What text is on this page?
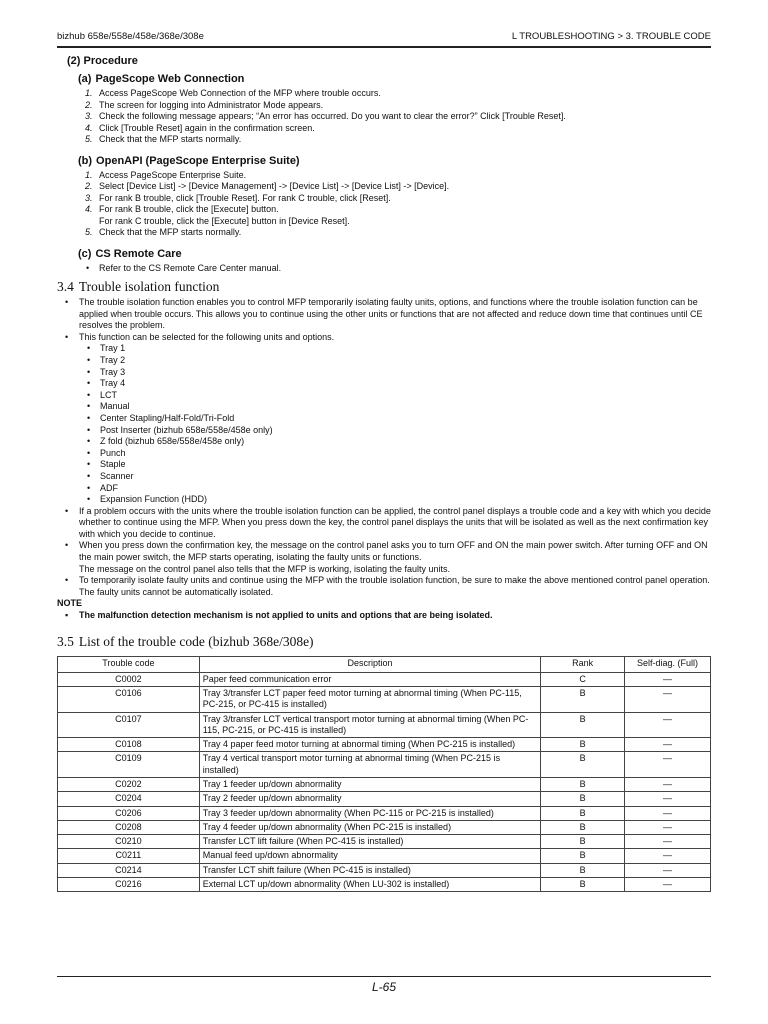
bizhub 658e/558e/458e/368e/308e	L TROUBLESHOOTING > 3. TROUBLE CODE
(2) Procedure
(a) PageScope Web Connection
1. Access PageScope Web Connection of the MFP where trouble occurs.
2. The screen for logging into Administrator Mode appears.
3. Check the following message appears; “An error has occurred. Do you want to clear the error?” Click [Trouble Reset].
4. Click [Trouble Reset] again in the confirmation screen.
5. Check that the MFP starts normally.
(b) OpenAPI (PageScope Enterprise Suite)
1. Access PageScope Enterprise Suite.
2. Select [Device List] -> [Device Management] -> [Device List] -> [Device List] -> [Device].
3. For rank B trouble, click [Trouble Reset]. For rank C trouble, click [Reset].
4. For rank B trouble, click the [Execute] button.
For rank C trouble, click the [Execute] button in [Device Reset].
5. Check that the MFP starts normally.
(c) CS Remote Care
• Refer to the CS Remote Care Center manual.
3.4 Trouble isolation function
• The trouble isolation function enables you to control MFP temporarily isolating faulty units, options, and functions where the trouble isolation function can be applied when trouble occurs. This allows you to continue using the other units or functions that are not affected and reduce down time that continues until CE resolves the problem.
• This function can be selected for the following units and options.
• Tray 1
• Tray 2
• Tray 3
• Tray 4
• LCT
• Manual
• Center Stapling/Half-Fold/Tri-Fold
• Post Inserter (bizhub 658e/558e/458e only)
• Z fold (bizhub 658e/558e/458e only)
• Punch
• Staple
• Scanner
• ADF
• Expansion Function (HDD)
• If a problem occurs with the units where the trouble isolation function can be applied, the control panel displays a trouble code and a key with which you decide whether to continue using the MFP. When you press down the key, the control panel displays the units that will be isolated as well as the next confirmation key with which you decide to continue.
• When you press down the confirmation key, the message on the control panel asks you to turn OFF and ON the main power switch. After turning OFF and ON the main power switch, the MFP starts operating, isolating the faulty units or functions.
The message on the control panel also tells that the MFP is working, isolating the faulty units.
• To temporarily isolate faulty units and continue using the MFP with the trouble isolation function, be sure to make the above mentioned control panel operation. The faulty units cannot be automatically isolated.
NOTE
▪ The malfunction detection mechanism is not applied to units and options that are being isolated.
3.5 List of the trouble code (bizhub 368e/308e)
Trouble code	Description	Rank	Self-diag. (Full)
C0002	Paper feed communication error	C	—
C0106	Tray 3/transfer LCT paper feed motor turning at abnormal timing (When PC-115, PC-215, or PC-415 is installed)	B	—
C0107	Tray 3/transfer LCT vertical transport motor turning at abnormal timing (When PC-115, PC-215, or PC-415 is installed)	B	—
C0108	Tray 4 paper feed motor turning at abnormal timing (When PC-215 is installed)	B	—
C0109	Tray 4 vertical transport motor turning at abnormal timing (When PC-215 is installed)	B	—
C0202	Tray 1 feeder up/down abnormality	B	—
C0204	Tray 2 feeder up/down abnormality	B	—
C0206	Tray 3 feeder up/down abnormality (When PC-115 or PC-215 is installed)	B	—
C0208	Tray 4 feeder up/down abnormality (When PC-215 is installed)	B	—
C0210	Transfer LCT lift failure (When PC-415 is installed)	B	—
C0211	Manual feed up/down abnormality	B	—
C0214	Transfer LCT shift failure (When PC-415 is installed)	B	—
C0216	External LCT up/down abnormality (When LU-302 is installed)	B	—
L-65
